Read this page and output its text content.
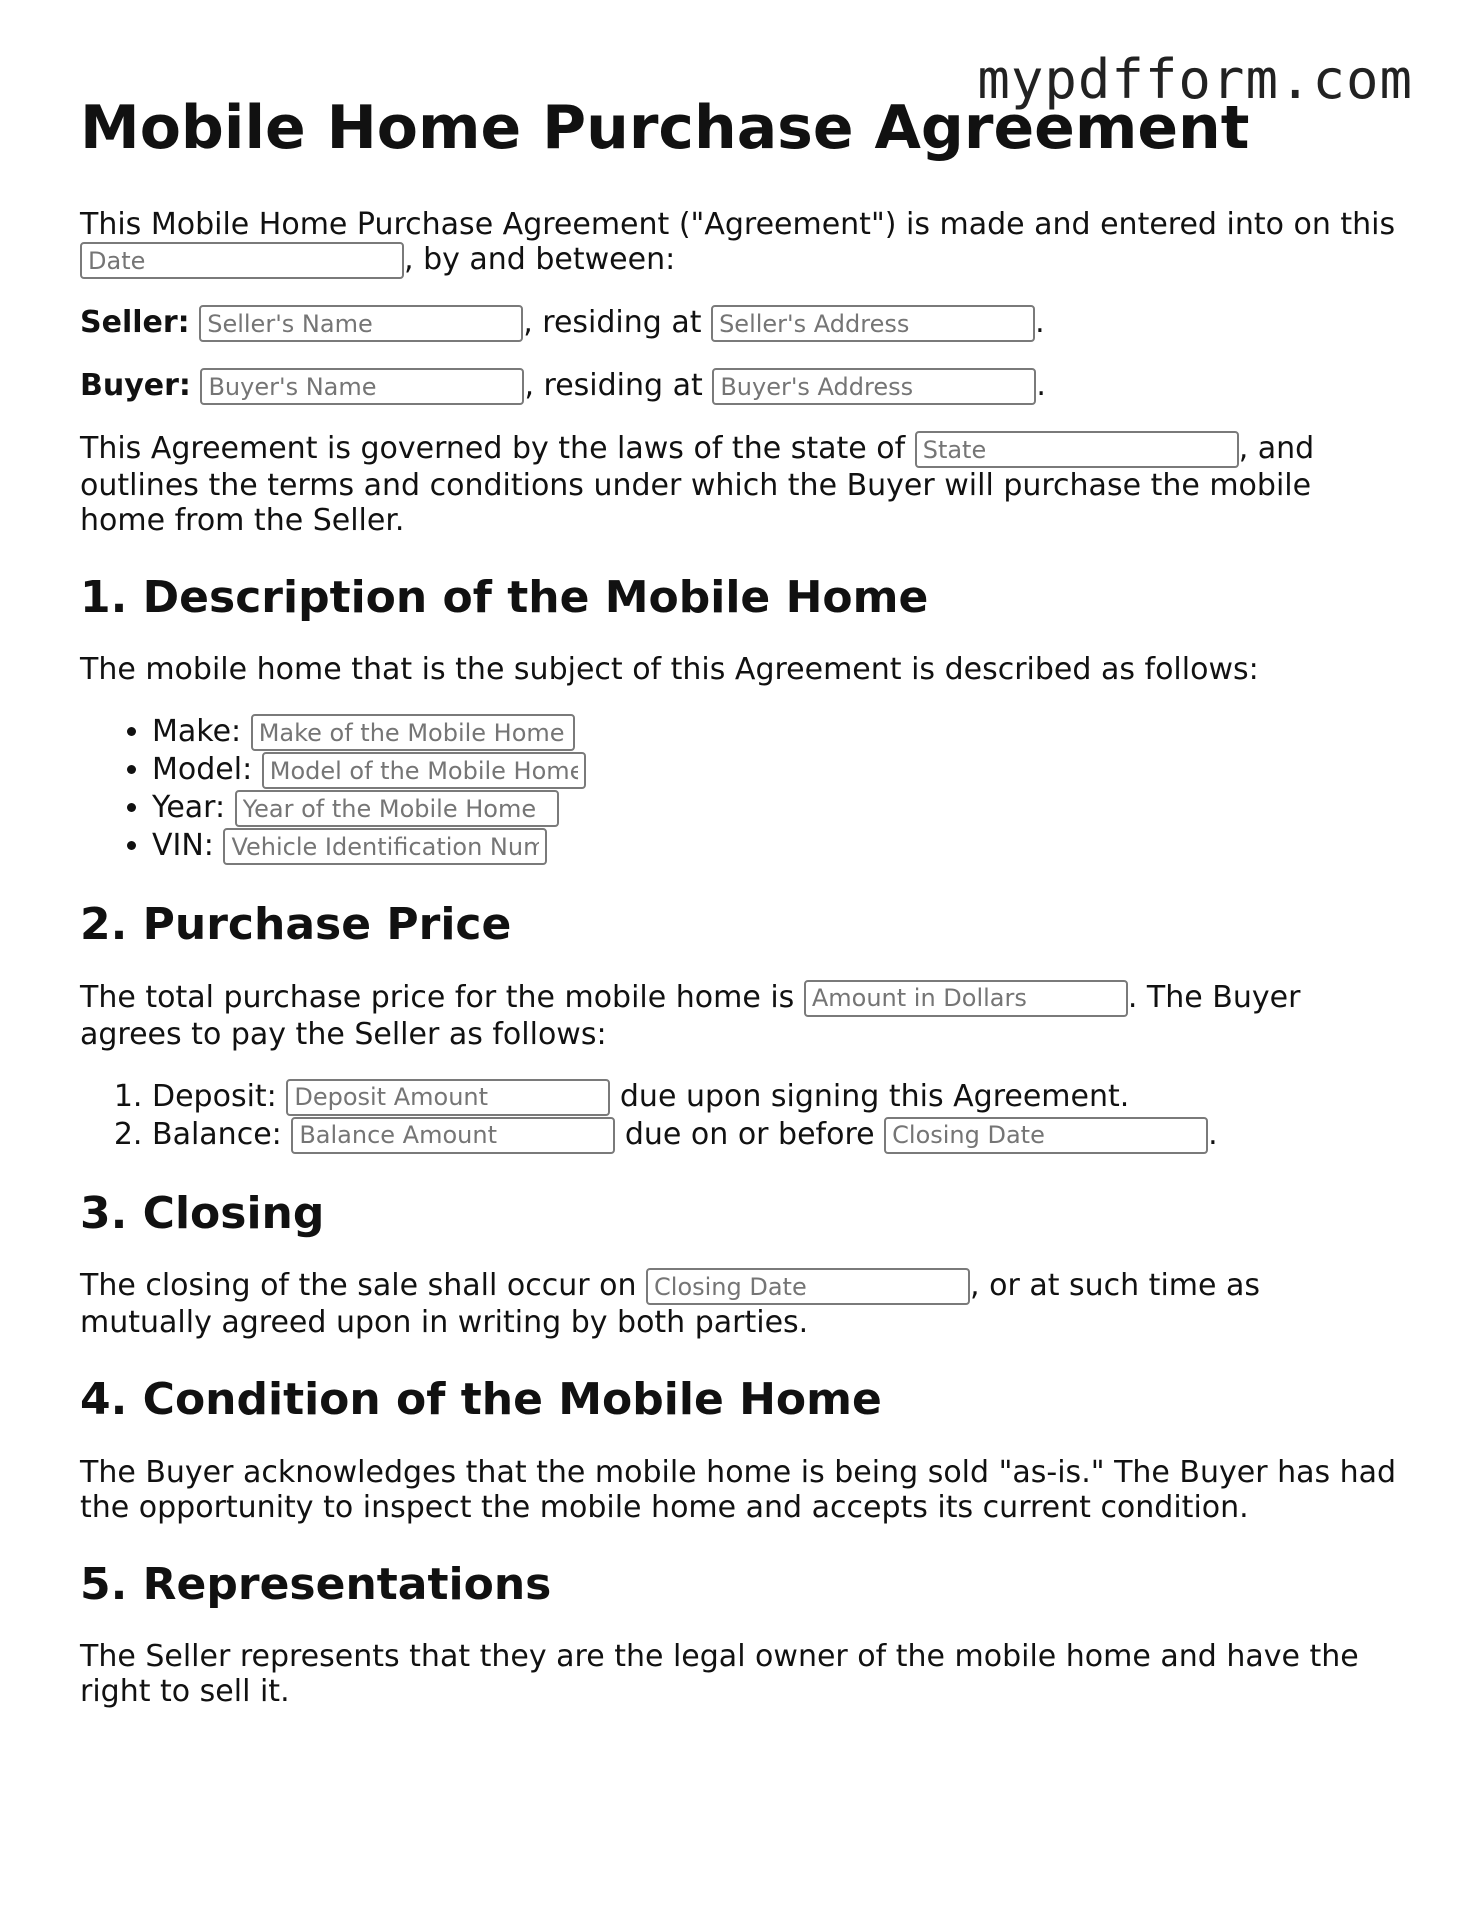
mypdfform.com
Mobile Home Purchase Agreement

This Mobile Home Purchase Agreement ("Agreement") is made and entered into on this Date, by and between:

Seller: Seller's Name	, residing at Seller's Address	.

Buyer: Buyer's Name	, residing at Buyer's Address	.

This Agreement is governed by the laws of the state of State	, and outlines the terms and conditions under which the Buyer will purchase the mobile home from the Seller.

1. Description of the Mobile Home

The mobile home that is the subject of this Agreement is described as follows:

• Make: Make of the Mobile Home
• Model: Model of the Mobile Home
• Year: Year of the Mobile Home
• VIN: Vehicle Identification Num
2. Purchase Price

The total purchase price for the mobile home is Amount in Dollars	. The Buyer agrees to pay the Seller as follows:

1. Deposit: Deposit Amount	due upon signing this Agreement.
2. Balance: Balance Amount	due on or before Closing Date	.
3. Closing

The closing of the sale shall occur on Closing Date	, or at such time as mutually agreed upon in writing by both parties.

4. Condition of the Mobile Home

The Buyer acknowledges that the mobile home is being sold "as-is." The Buyer has had the opportunity to inspect the mobile home and accepts its current condition.

5. Representations

The Seller represents that they are the legal owner of the mobile home and have the right to sell it.
